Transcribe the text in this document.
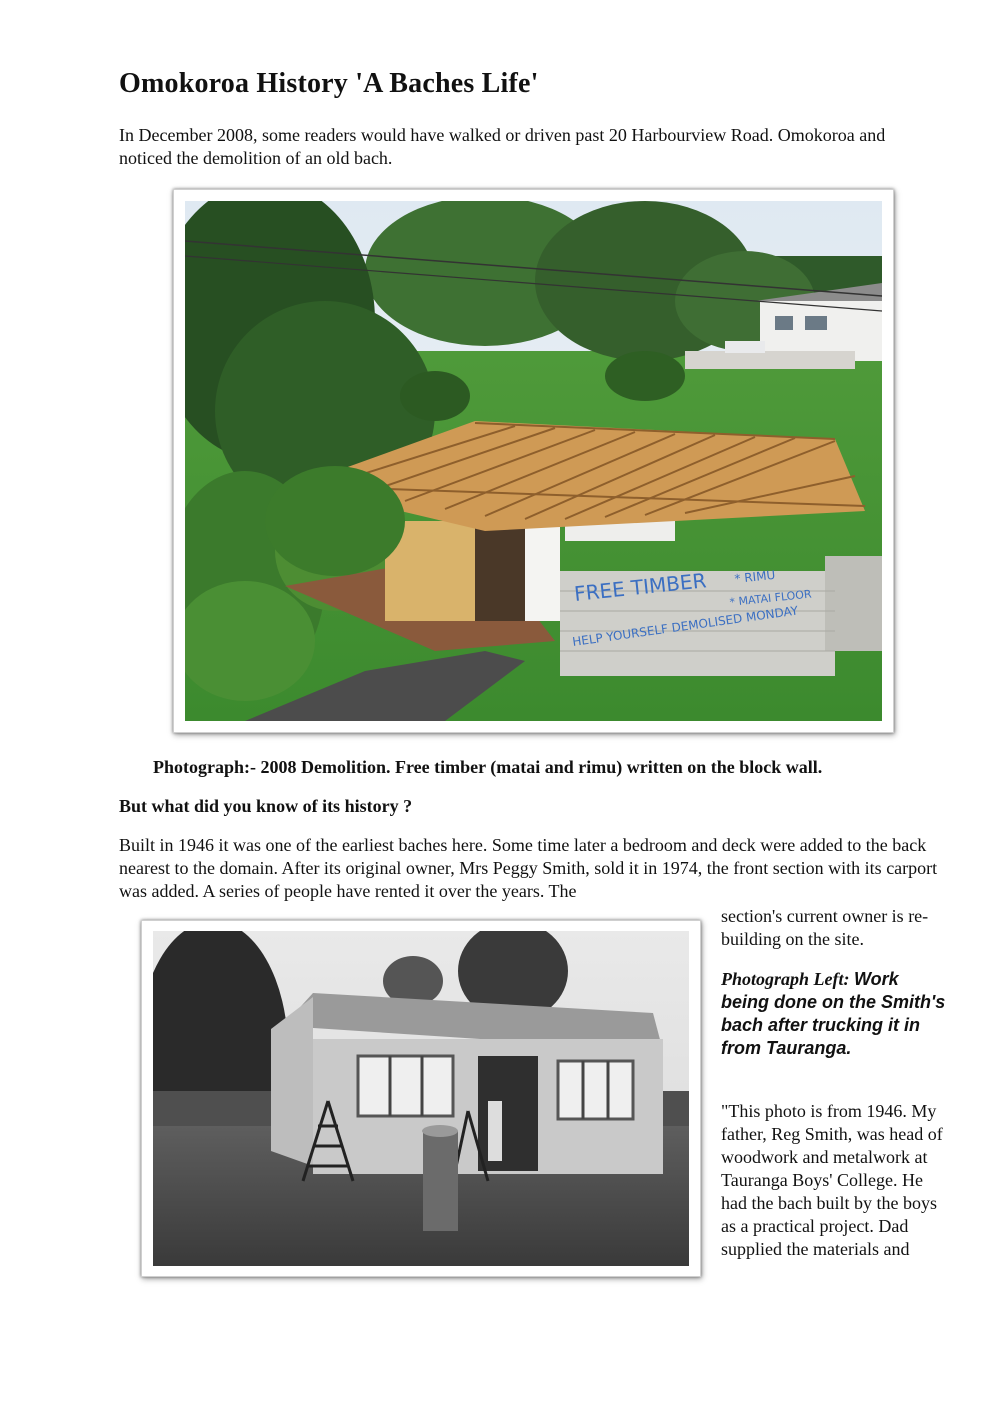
Omokoroa History 'A Baches Life'

In December 2008, some readers would have walked or driven past 20 Harbourview Road. Omokoroa and noticed the demolition of an old bach.

FREE TIMBER * RIMU
* MATAI FLOOR
HELP YOURSELF DEMOLISED MONDAY
Photograph:- 2008 Demolition. Free timber (matai and rimu) written on the block wall.
But what did you know of its history ?

Built in 1946 it was one of the earliest baches here. Some time later a bedroom and deck were added to the back nearest to the domain. After its original owner, Mrs Peggy Smith, sold it in 1974, the front section with its carport was added. A series of people have rented it over the years. The

section's current owner is re-building on the site.

Photograph Left: Work being done on the Smith's bach after trucking it in from Tauranga.

"This photo is from 1946. My father, Reg Smith, was head of woodwork and metalwork at Tauranga Boys' College. He had the bach built by the boys as a practical project. Dad supplied the materials and
